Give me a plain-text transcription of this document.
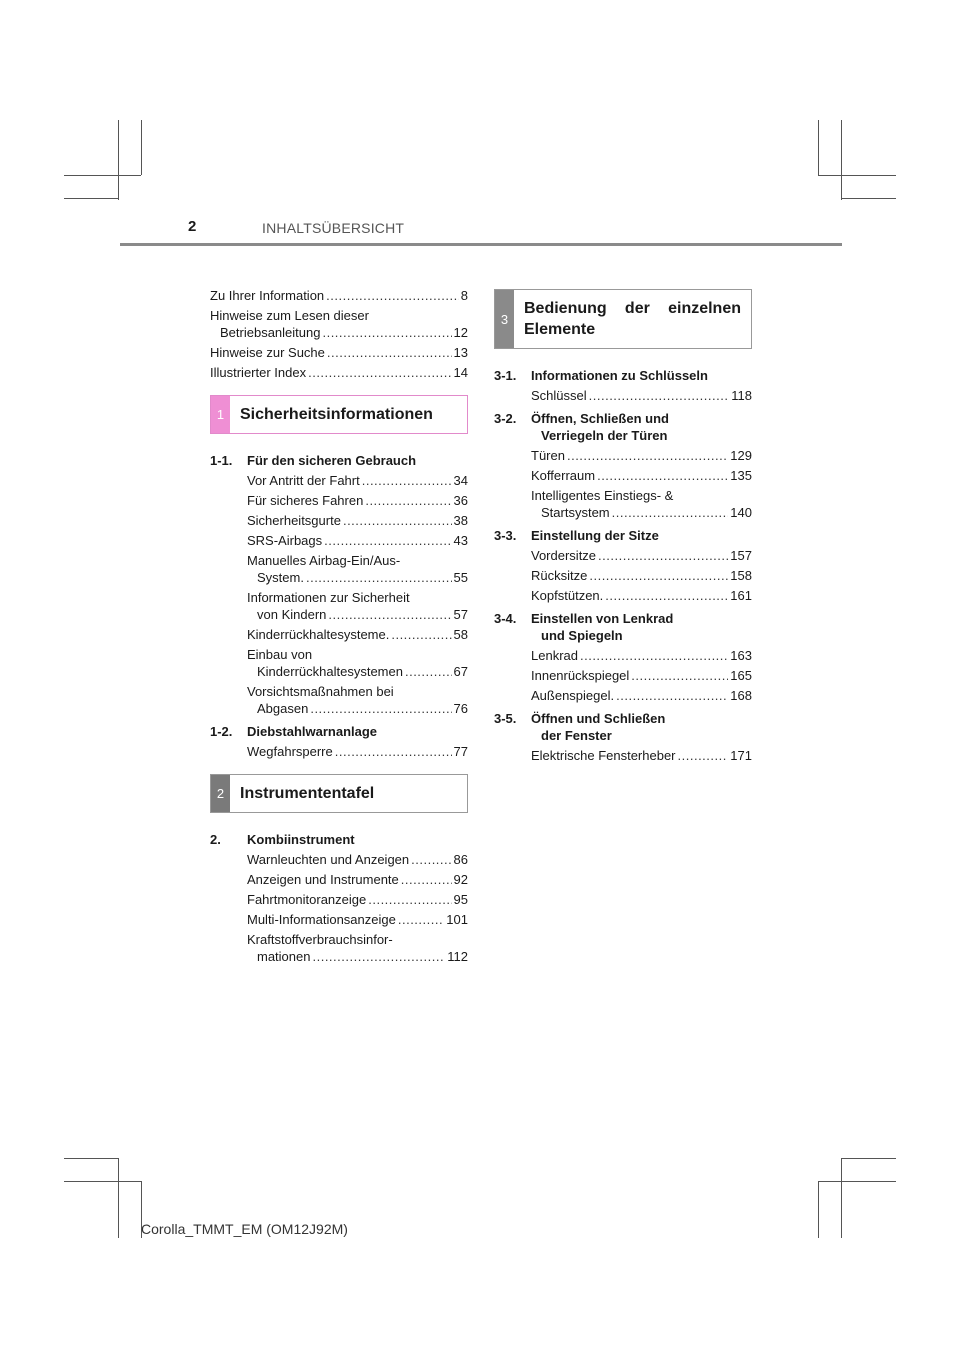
2	INHALTSÜBERSICHT
Zu Ihrer Information .....	8
Hinweise zum Lesen dieser
Betriebsanleitung .....	12
Hinweise zur Suche .....	13
Illustrierter Index .....	14
1 Sicherheitsinformationen
1-1.	Für den sicheren Gebrauch
Vor Antritt der Fahrt .....	34
Für sicheres Fahren .....	36
Sicherheitsgurte .....	38
SRS-Airbags .....	43
Manuelles Airbag-Ein/Aus-
System. .....	55
Informationen zur Sicherheit
von Kindern .....	57
Kinderrückhaltesysteme. .....	58
Einbau von
Kinderrückhaltesystemen .....	67
Vorsichtsmaßnahmen bei
Abgasen .....	76
1-2.	Diebstahlwarnanlage
Wegfahrsperre .....	77
2 Instrumententafel
2.	Kombiinstrument
Warnleuchten und Anzeigen .....	86
Anzeigen und Instrumente .....	92
Fahrtmonitoranzeige .....	95
Multi-Informationsanzeige .....	101
Kraftstoffverbrauchsinfor-
mationen .....	112
3
Bedienung der einzelnen Elemente
3-1.	Informationen zu Schlüsseln
Schlüssel .....	118
3-2.	Öffnen, Schließen und
Verriegeln der Türen
Türen .....	129
Kofferraum .....	135
Intelligentes Einstiegs- &
Startsystem .....	140
3-3.	Einstellung der Sitze
Vordersitze .....	157
Rücksitze .....	158
Kopfstützen. .....	161
3-4.	Einstellen von Lenkrad
und Spiegeln
Lenkrad .....	163
Innenrückspiegel .....	165
Außenspiegel. .....	168
3-5.	Öffnen und Schließen
der Fenster
Elektrische Fensterheber .....	171
Corolla_TMMT_EM (OM12J92M)
